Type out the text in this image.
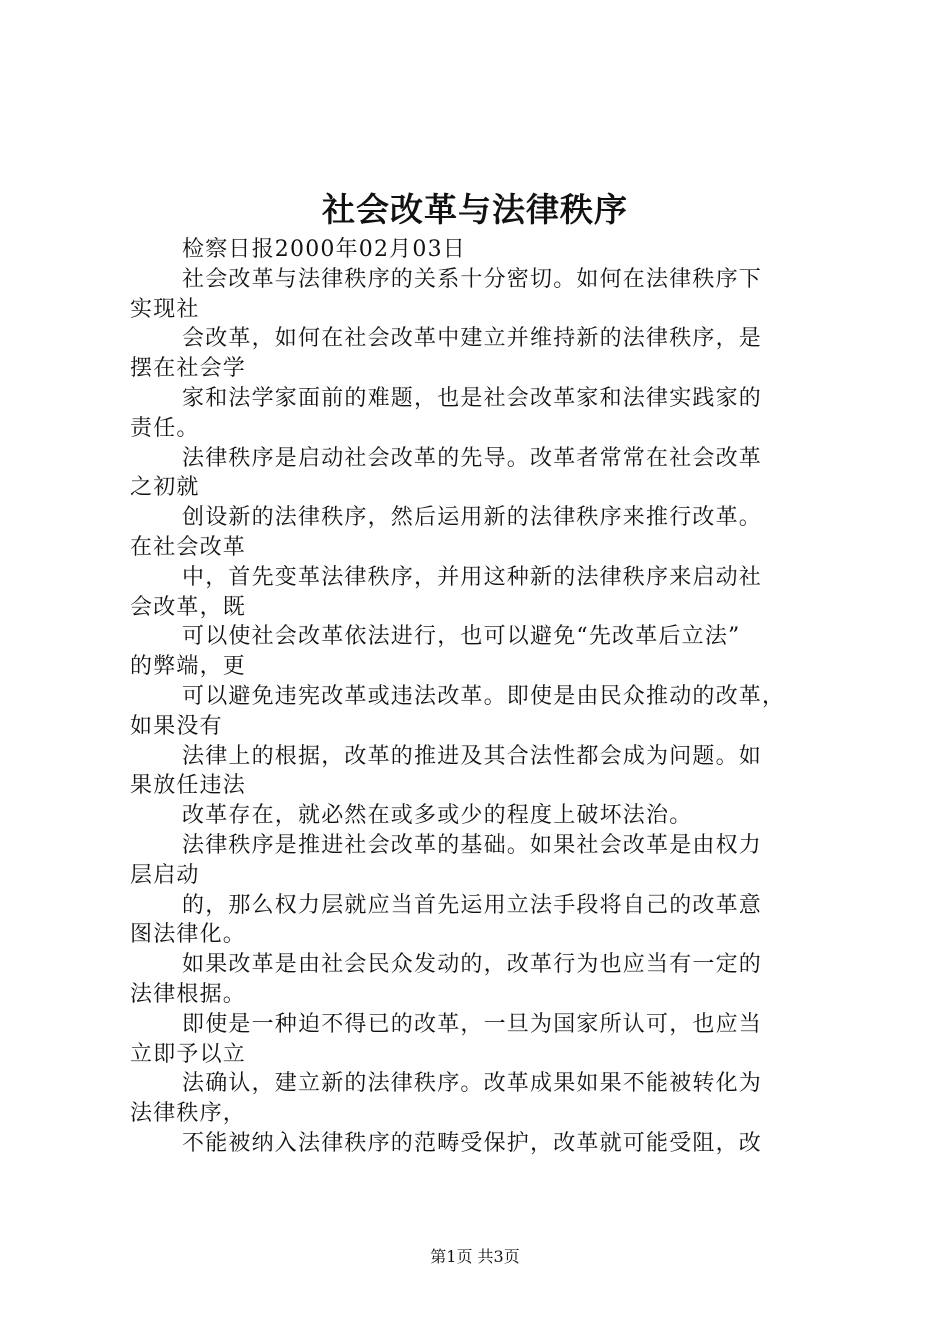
社会改革与法律秩序
检察日报2000年02月03日
社会改革与法律秩序的关系十分密切。如何在法律秩序下
实现社
会改革，如何在社会改革中建立并维持新的法律秩序，是
摆在社会学
家和法学家面前的难题，也是社会改革家和法律实践家的
责任。
法律秩序是启动社会改革的先导。改革者常常在社会改革
之初就
创设新的法律秩序，然后运用新的法律秩序来推行改革。
在社会改革
中，首先变革法律秩序，并用这种新的法律秩序来启动社
会改革，既
可以使社会改革依法进行，也可以避免“先改革后立法”
的弊端，更
可以避免违宪改革或违法改革。即使是由民众推动的改革，
如果没有
法律上的根据，改革的推进及其合法性都会成为问题。如
果放任违法
改革存在，就必然在或多或少的程度上破坏法治。
法律秩序是推进社会改革的基础。如果社会改革是由权力
层启动
的，那么权力层就应当首先运用立法手段将自己的改革意
图法律化。
如果改革是由社会民众发动的，改革行为也应当有一定的
法律根据。
即使是一种迫不得已的改革，一旦为国家所认可，也应当
立即予以立
法确认，建立新的法律秩序。改革成果如果不能被转化为
法律秩序，
不能被纳入法律秩序的范畴受保护，改革就可能受阻，改
第1页 共3页
